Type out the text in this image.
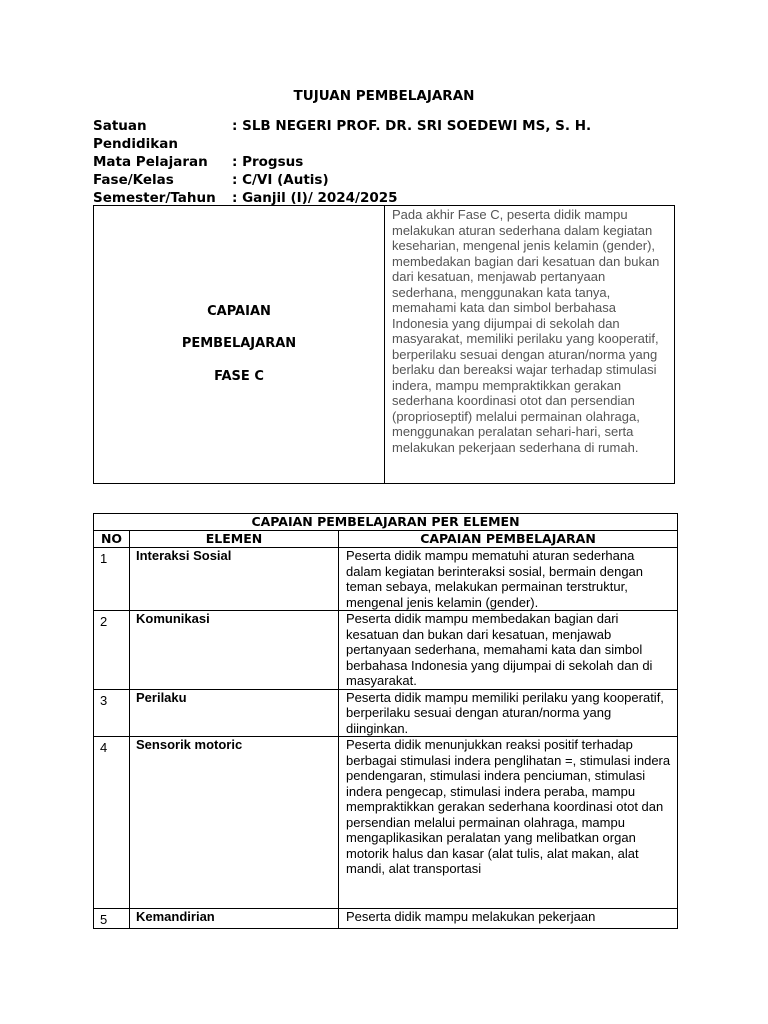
TUJUAN PEMBELAJARAN
Satuan Pendidikan
: SLB NEGERI PROF. DR. SRI SOEDEWI MS, S. H.
Mata Pelajaran	: Progsus
Fase/Kelas	: C/VI (Autis)
Semester/Tahun	: Ganjil (I)/ 2024/2025

CAPAIAN

PEMBELAJARAN

FASE C

	Pada akhir Fase C, peserta didik mampu melakukan aturan sederhana dalam kegiatan keseharian, mengenal jenis kelamin (gender), membedakan bagian dari kesatuan dan bukan dari kesatuan, menjawab pertanyaan sederhana, menggunakan kata tanya, memahami kata dan simbol berbahasa Indonesia yang dijumpai di sekolah dan masyarakat, memiliki perilaku yang kooperatif, berperilaku sesuai dengan aturan/norma yang berlaku dan bereaksi wajar terhadap stimulasi indera, mampu mempraktikkan gerakan sederhana koordinasi otot dan persendian (proprioseptif) melalui permainan olahraga, menggunakan peralatan sehari-hari, serta melakukan pekerjaan sederhana di rumah.
CAPAIAN PEMBELAJARAN PER ELEMEN		
NO	ELEMEN	CAPAIAN PEMBELAJARAN
1	Interaksi Sosial	Peserta didik mampu mematuhi aturan sederhana dalam kegiatan berinteraksi sosial, bermain dengan teman sebaya, melakukan permainan terstruktur, mengenal jenis kelamin (gender).
2	Komunikasi	Peserta didik mampu membedakan bagian dari kesatuan dan bukan dari kesatuan, menjawab pertanyaan sederhana, memahami kata dan simbol berbahasa Indonesia yang dijumpai di sekolah dan di masyarakat.
3	Perilaku	Peserta didik mampu memiliki perilaku yang kooperatif, berperilaku sesuai dengan aturan/norma yang diinginkan.
4	Sensorik motoric	Peserta didik menunjukkan reaksi positif terhadap berbagai stimulasi indera penglihatan =, stimulasi indera pendengaran, stimulasi indera penciuman, stimulasi indera pengecap, stimulasi indera peraba, mampu mempraktikkan gerakan sederhana koordinasi otot dan persendian melalui permainan olahraga, mampu mengaplikasikan peralatan yang melibatkan organ motorik halus dan kasar (alat tulis, alat makan, alat mandi, alat transportasi
5	Kemandirian	Peserta didik mampu melakukan pekerjaan
